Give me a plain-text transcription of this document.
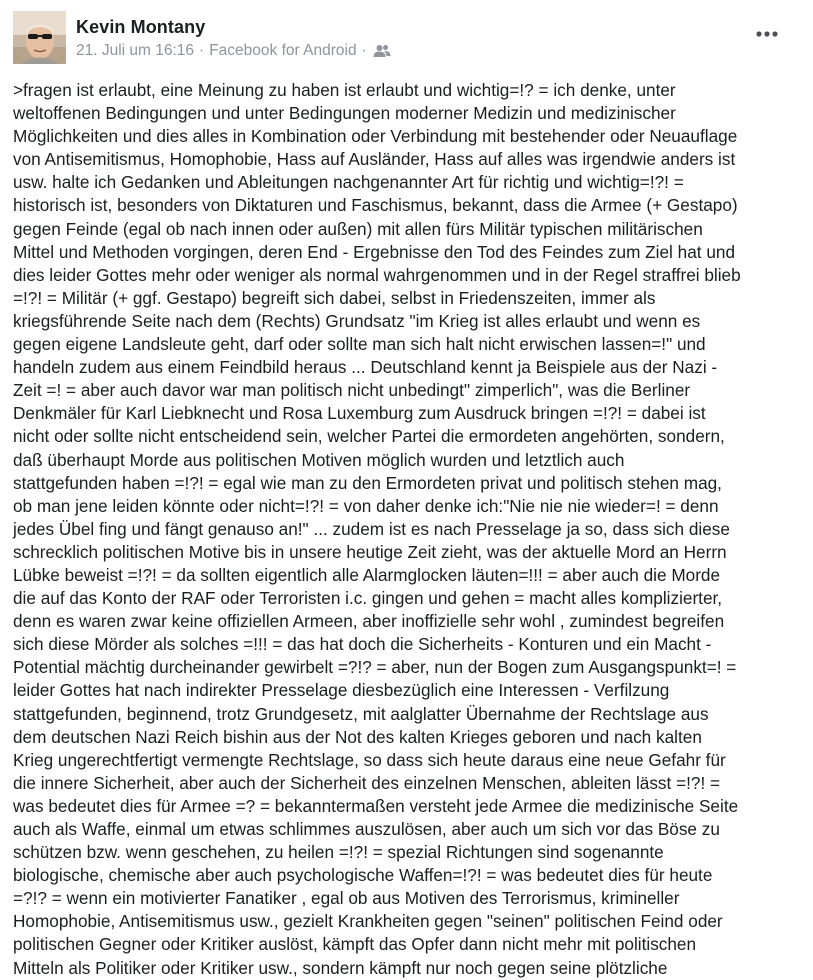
Kevin Montany
21. Juli um 16:16 · Facebook for Android ·
>fragen ist erlaubt, eine Meinung zu haben ist erlaubt und wichtig=!? = ich denke, unter
weltoffenen Bedingungen und unter Bedingungen moderner Medizin und medizinischer
Möglichkeiten und dies alles in Kombination oder Verbindung mit bestehender oder Neuauflage
von Antisemitismus, Homophobie, Hass auf Ausländer, Hass auf alles was irgendwie anders ist
usw. halte ich Gedanken und Ableitungen nachgenannter Art für richtig und wichtig=!?! =
historisch ist, besonders von Diktaturen und Faschismus, bekannt, dass die Armee (+ Gestapo)
gegen Feinde (egal ob nach innen oder außen) mit allen fürs Militär typischen militärischen
Mittel und Methoden vorgingen, deren End - Ergebnisse den Tod des Feindes zum Ziel hat und
dies leider Gottes mehr oder weniger als normal wahrgenommen und in der Regel straffrei blieb
=!?! = Militär (+ ggf. Gestapo) begreift sich dabei, selbst in Friedenszeiten, immer als
kriegsführende Seite nach dem (Rechts) Grundsatz "im Krieg ist alles erlaubt und wenn es
gegen eigene Landsleute geht, darf oder sollte man sich halt nicht erwischen lassen=!" und
handeln zudem aus einem Feindbild heraus ... Deutschland kennt ja Beispiele aus der Nazi -
Zeit =! = aber auch davor war man politisch nicht unbedingt" zimperlich", was die Berliner
Denkmäler für Karl Liebknecht und Rosa Luxemburg zum Ausdruck bringen =!?! = dabei ist
nicht oder sollte nicht entscheidend sein, welcher Partei die ermordeten angehörten, sondern,
daß überhaupt Morde aus politischen Motiven möglich wurden und letztlich auch
stattgefunden haben =!?! = egal wie man zu den Ermordeten privat und politisch stehen mag,
ob man jene leiden könnte oder nicht=!?! = von daher denke ich:"Nie nie nie wieder=! = denn
jedes Übel fing und fängt genauso an!" ... zudem ist es nach Presselage ja so, dass sich diese
schrecklich politischen Motive bis in unsere heutige Zeit zieht, was der aktuelle Mord an Herrn
Lübke beweist =!?! = da sollten eigentlich alle Alarmglocken läuten=!!! = aber auch die Morde
die auf das Konto der RAF oder Terroristen i.c. gingen und gehen = macht alles komplizierter,
denn es waren zwar keine offiziellen Armeen, aber inoffizielle sehr wohl , zumindest begreifen
sich diese Mörder als solches =!!! = das hat doch die Sicherheits - Konturen und ein Macht -
Potential mächtig durcheinander gewirbelt =?!? = aber, nun der Bogen zum Ausgangspunkt=! =
leider Gottes hat nach indirekter Presselage diesbezüglich eine Interessen - Verfilzung
stattgefunden, beginnend, trotz Grundgesetz, mit aalglatter Übernahme der Rechtslage aus
dem deutschen Nazi Reich bishin aus der Not des kalten Krieges geboren und nach kalten
Krieg ungerechtfertigt vermengte Rechtslage, so dass sich heute daraus eine neue Gefahr für
die innere Sicherheit, aber auch der Sicherheit des einzelnen Menschen, ableiten lässt =!?! =
was bedeutet dies für Armee =? = bekanntermaßen versteht jede Armee die medizinische Seite
auch als Waffe, einmal um etwas schlimmes auszulösen, aber auch um sich vor das Böse zu
schützen bzw. wenn geschehen, zu heilen =!?! = spezial Richtungen sind sogenannte
biologische, chemische aber auch psychologische Waffen=!?! = was bedeutet dies für heute
=?!? = wenn ein motivierter Fanatiker , egal ob aus Motiven des Terrorismus, krimineller
Homophobie, Antisemitismus usw., gezielt Krankheiten gegen "seinen" politischen Feind oder
politischen Gegner oder Kritiker auslöst, kämpft das Opfer dann nicht mehr mit politischen
Mitteln als Politiker oder Kritiker usw., sondern kämpft nur noch gegen seine plötzliche
